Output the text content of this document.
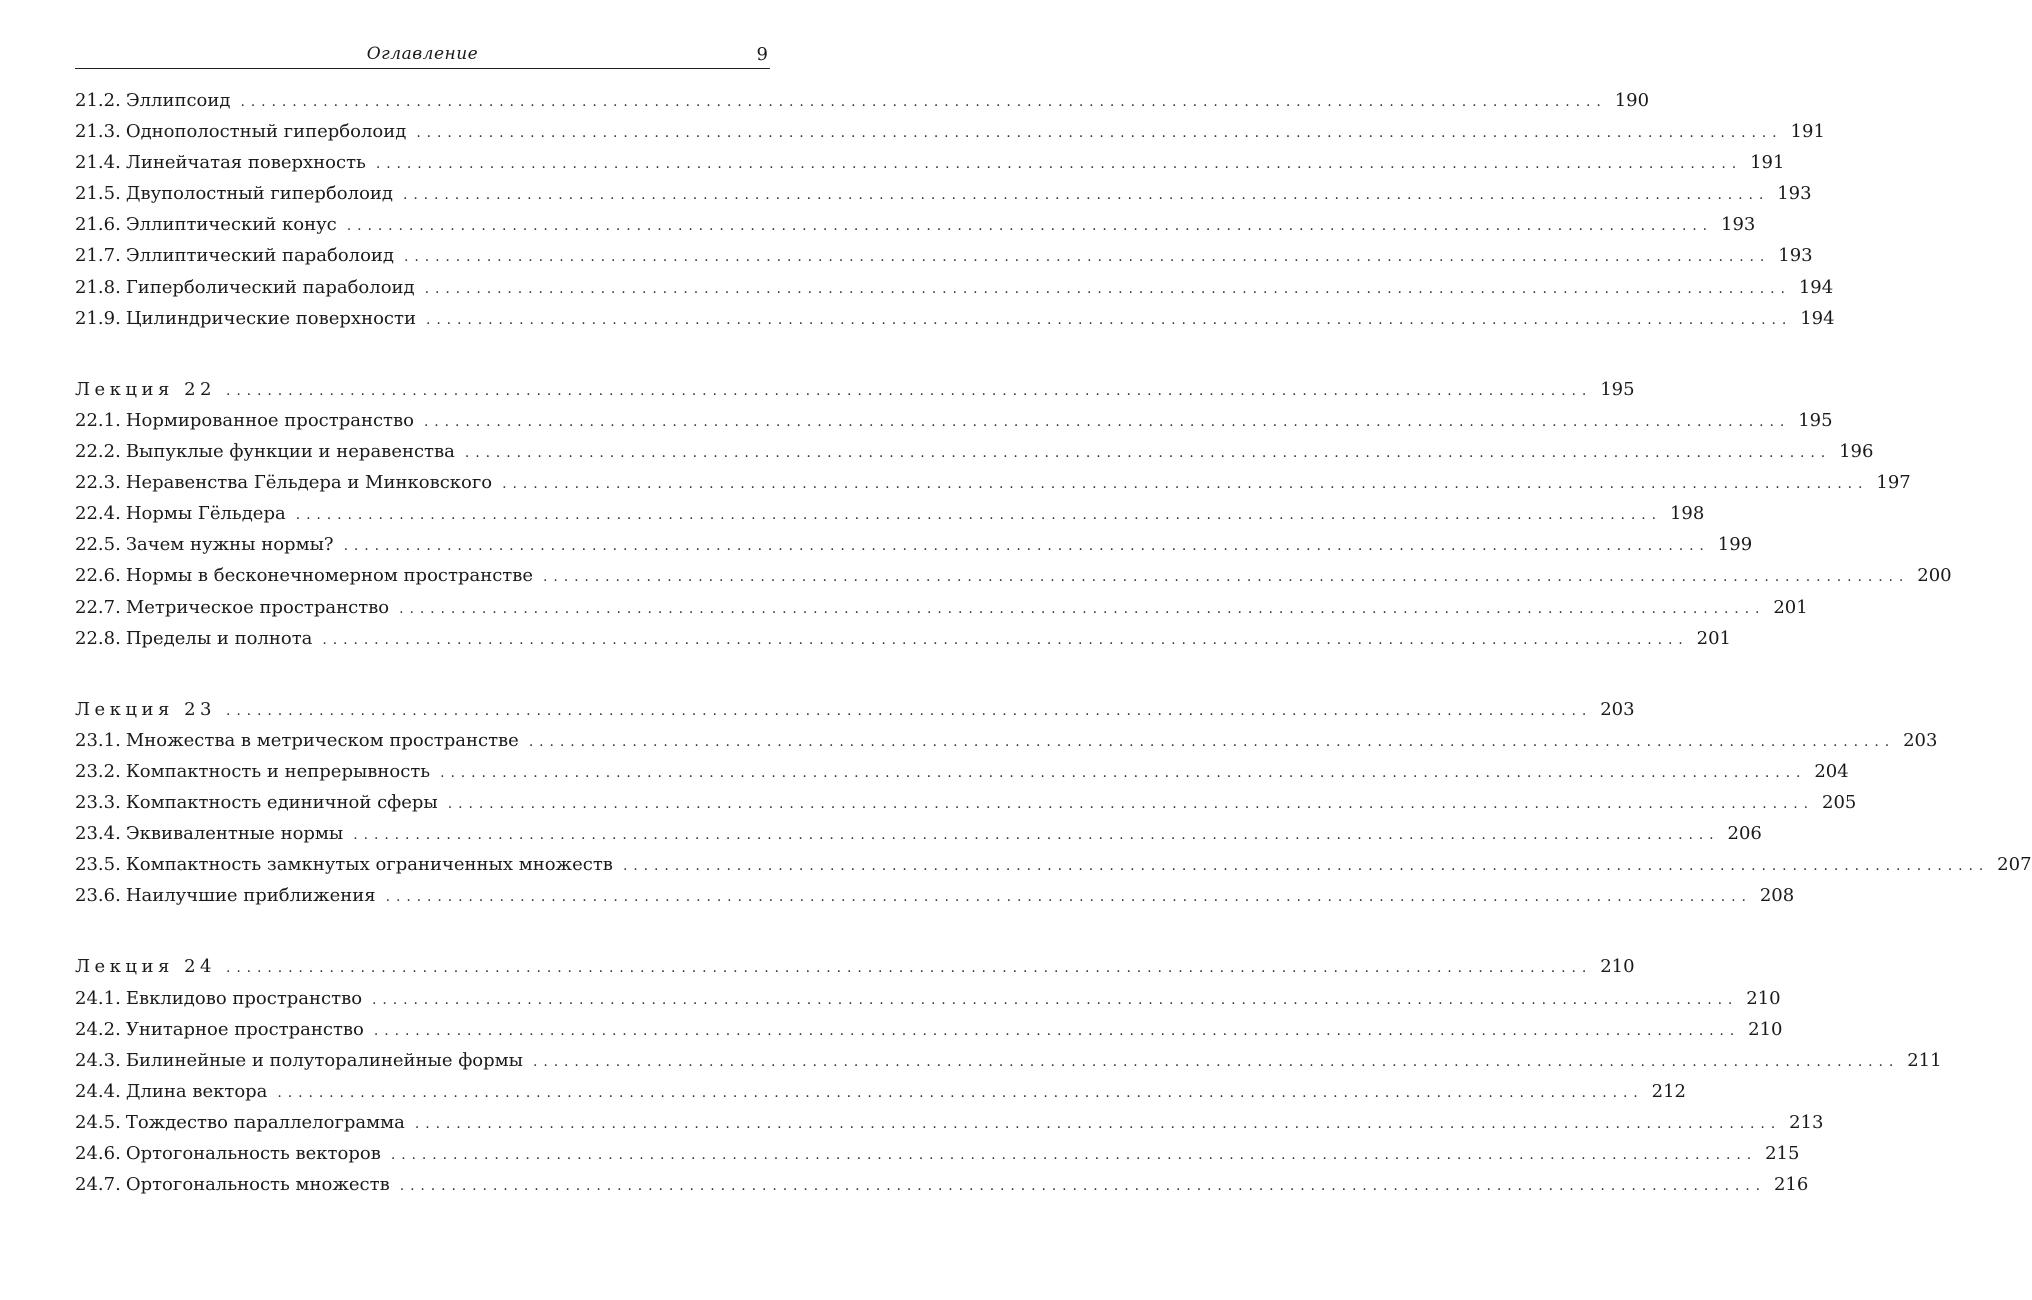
Оглавление	9
21.2. Эллипсоид .................................................................................................................................... 190
21.3. Однополостный гиперболоид .................................................................................................................................... 191
21.4. Линейчатая поверхность .................................................................................................................................... 191
21.5. Двуполостный гиперболоид .................................................................................................................................... 193
21.6. Эллиптический конус .................................................................................................................................... 193
21.7. Эллиптический параболоид .................................................................................................................................... 193
21.8. Гиперболический параболоид .................................................................................................................................... 194
21.9. Цилиндрические поверхности .................................................................................................................................... 194
Лекция 22 .................................................................................................................................... 195
22.1. Нормированное пространство .................................................................................................................................... 195
22.2. Выпуклые функции и неравенства .................................................................................................................................... 196
22.3. Неравенства Гёльдера и Минковского .................................................................................................................................... 197
22.4. Нормы Гёльдера .................................................................................................................................... 198
22.5. Зачем нужны нормы? .................................................................................................................................... 199
22.6. Нормы в бесконечномерном пространстве .................................................................................................................................... 200
22.7. Метрическое пространство .................................................................................................................................... 201
22.8. Пределы и полнота .................................................................................................................................... 201
Лекция 23 .................................................................................................................................... 203
23.1. Множества в метрическом пространстве .................................................................................................................................... 203
23.2. Компактность и непрерывность .................................................................................................................................... 204
23.3. Компактность единичной сферы .................................................................................................................................... 205
23.4. Эквивалентные нормы .................................................................................................................................... 206
23.5. Компактность замкнутых ограниченных множеств .................................................................................................................................... 207
23.6. Наилучшие приближения .................................................................................................................................... 208
Лекция 24 .................................................................................................................................... 210
24.1. Евклидово пространство .................................................................................................................................... 210
24.2. Унитарное пространство .................................................................................................................................... 210
24.3. Билинейные и полуторалинейные формы .................................................................................................................................... 211
24.4. Длина вектора .................................................................................................................................... 212
24.5. Тождество параллелограмма .................................................................................................................................... 213
24.6. Ортогональность векторов .................................................................................................................................... 215
24.7. Ортогональность множеств .................................................................................................................................... 216
